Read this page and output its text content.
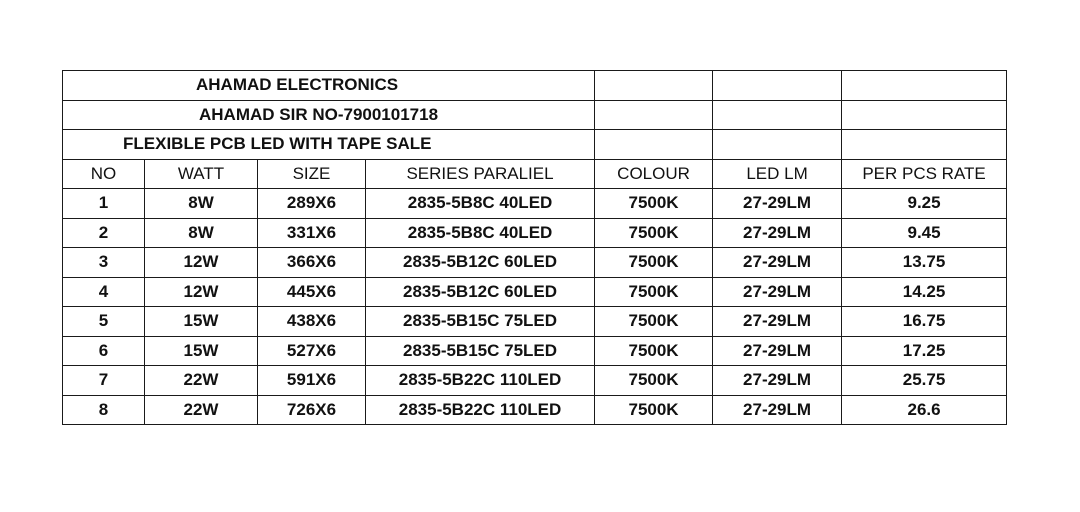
AHAMAD ELECTRONICS						
AHAMAD SIR NO-7900101718						
FLEXIBLE PCB LED WITH TAPE SALE						
NO	WATT	SIZE	SERIES PARALIEL	COLOUR	LED LM	PER PCS RATE
1	8W	289X6	2835-5B8C 40LED	7500K	27-29LM	9.25
2	8W	331X6	2835-5B8C 40LED	7500K	27-29LM	9.45
3	12W	366X6	2835-5B12C 60LED	7500K	27-29LM	13.75
4	12W	445X6	2835-5B12C 60LED	7500K	27-29LM	14.25
5	15W	438X6	2835-5B15C 75LED	7500K	27-29LM	16.75
6	15W	527X6	2835-5B15C 75LED	7500K	27-29LM	17.25
7	22W	591X6	2835-5B22C 110LED	7500K	27-29LM	25.75
8	22W	726X6	2835-5B22C 110LED	7500K	27-29LM	26.6
